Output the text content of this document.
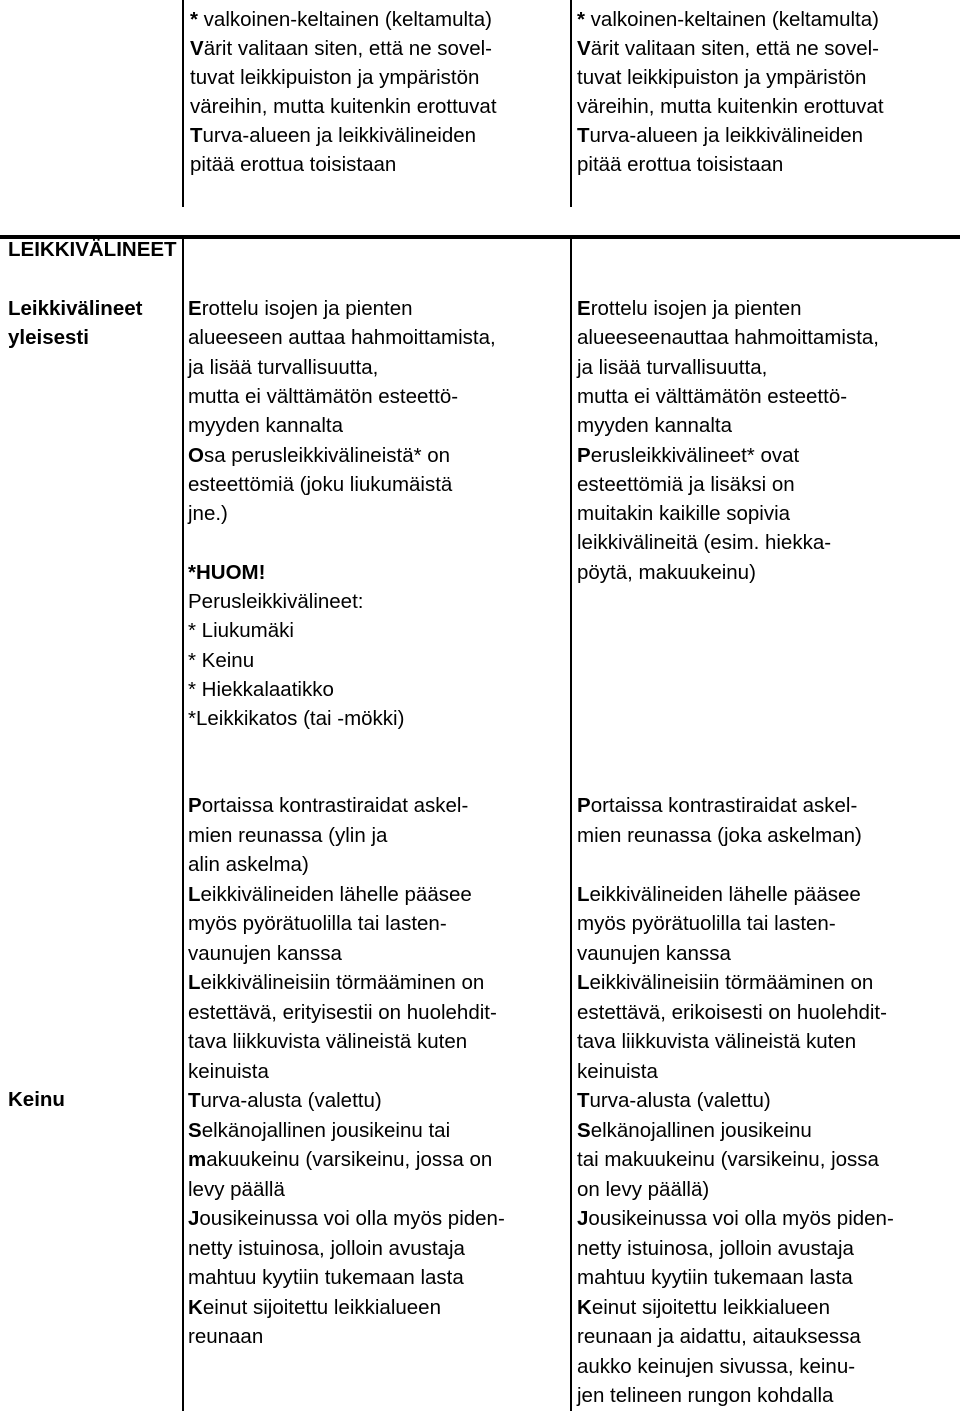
* valkoinen-keltainen (keltamulta)
Värit valitaan siten, että ne sovel-
tuvat leikkipuiston ja ympäristön
väreihin, mutta kuitenkin erottuvat
Turva-alueen ja leikkivälineiden
pitää erottua toisistaan
* valkoinen-keltainen (keltamulta)
Värit valitaan siten, että ne sovel-
tuvat leikkipuiston ja ympäristön
väreihin, mutta kuitenkin erottuvat
Turva-alueen ja leikkivälineiden
pitää erottua toisistaan
LEIKKIVÄLINEET
Leikkivälineet
yleisesti
Erottelu isojen ja pienten
alueeseen auttaa hahmoittamista,
ja lisää turvallisuutta,
mutta ei välttämätön esteettö-
myyden kannalta
Osa perusleikkivälineistä* on
esteettömiä (joku liukumäistä
jne.)
*HUOM!
Perusleikkivälineet:
* Liukumäki
* Keinu
* Hiekkalaatikko
*Leikkikatos (tai -mökki)
Erottelu isojen ja pienten
alueeseenauttaa hahmoittamista,
ja lisää turvallisuutta,
mutta ei välttämätön esteettö-
myyden kannalta
Perusleikkivälineet* ovat
esteettömiä ja lisäksi on
muitakin kaikille sopivia
leikkivälineitä (esim. hiekka-
pöytä, makuukeinu)
Keinu
Portaissa kontrastiraidat askel-
mien reunassa (ylin ja
alin askelma)
Leikkivälineiden lähelle pääsee
myös pyörätuolilla tai lasten-
vaunujen kanssa
Leikkivälineisiin törmääminen on
estettävä, erityisestii on huolehdit-
tava liikkuvista välineistä kuten
keinuista
Turva-alusta (valettu)
Selkänojallinen jousikeinu tai
makuukeinu (varsikeinu, jossa on
levy päällä
Jousikeinussa voi olla myös piden-
netty istuinosa, jolloin avustaja
mahtuu kyytiin tukemaan lasta
Keinut sijoitettu leikkialueen
reunaan
Portaissa kontrastiraidat askel-
mien reunassa (joka askelman)
Leikkivälineiden lähelle pääsee
myös pyörätuolilla tai lasten-
vaunujen kanssa
Leikkivälineisiin törmääminen on
estettävä, erikoisesti on huolehdit-
tava liikkuvista välineistä kuten
keinuista
Turva-alusta (valettu)
Selkänojallinen jousikeinu
tai makuukeinu (varsikeinu, jossa
on levy päällä)
Jousikeinussa voi olla myös piden-
netty istuinosa, jolloin avustaja
mahtuu kyytiin tukemaan lasta
Keinut sijoitettu leikkialueen
reunaan ja aidattu, aitauksessa
aukko keinujen sivussa, keinu-
jen telineen rungon kohdalla
